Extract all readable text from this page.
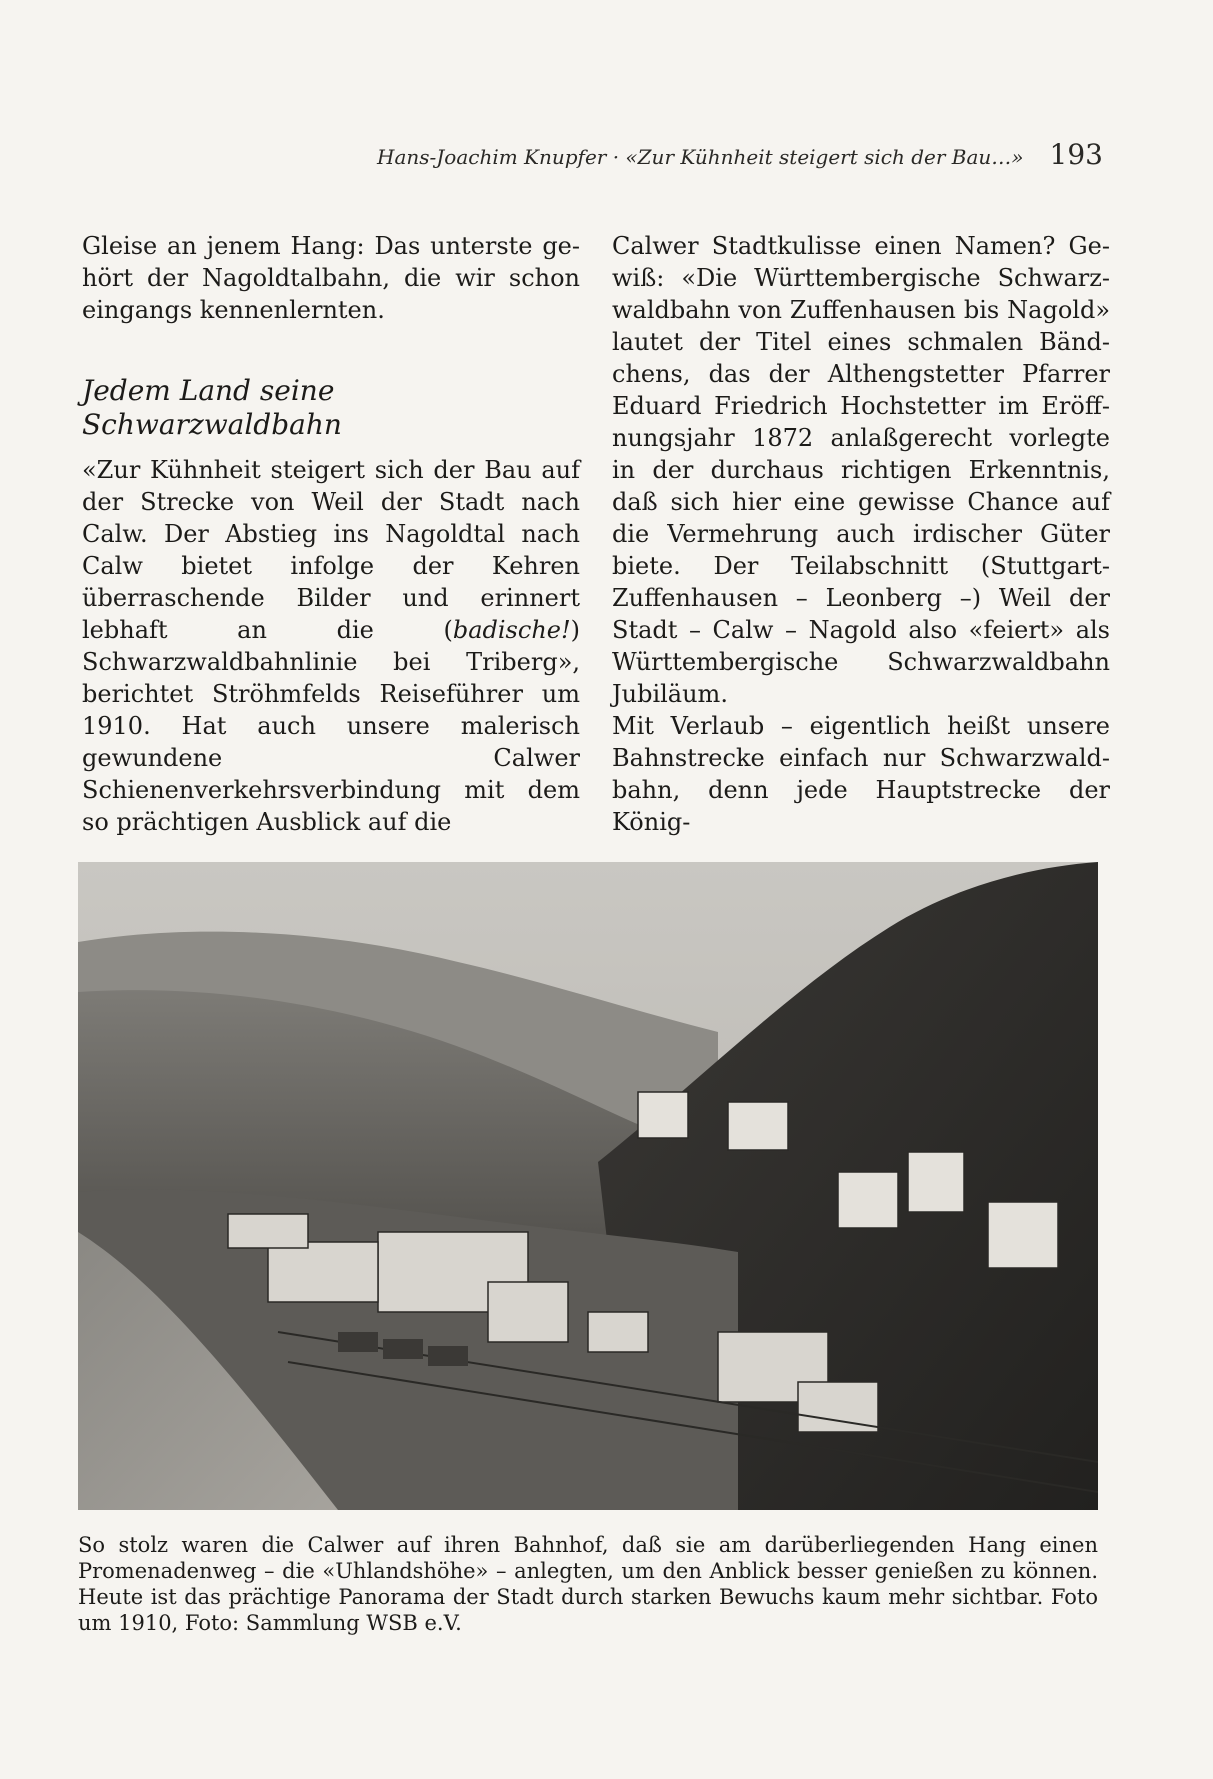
Hans-Joachim Knupfer · «Zur Kühnheit steigert sich der Bau…» 193

Gleise an jenem Hang: Das unterste gehört der Nagoldtalbahn, die wir schon eingangs kennenlernten.

Jedem Land seine Schwarzwaldbahn

«Zur Kühnheit steigert sich der Bau auf der Strecke von Weil der Stadt nach Calw. Der Abstieg ins Nagoldtal nach Calw bietet infolge der Kehren überraschende Bilder und erinnert lebhaft an die (badische!) Schwarzwaldbahnlinie bei Triberg», berichtet Ströhmfelds Reiseführer um 1910. Hat auch unsere malerisch gewundene Calwer Schienenverkehrsverbindung mit dem so prächtigen Ausblick auf die

Calwer Stadtkulisse einen Namen? Gewiß: «Die Württembergische Schwarzwaldbahn von Zuffenhausen bis Nagold» lautet der Titel eines schmalen Bändchens, das der Althengstetter Pfarrer Eduard Friedrich Hochstetter im Eröffnungsjahr 1872 anlaßgerecht vorlegte in der durchaus richtigen Erkenntnis, daß sich hier eine gewisse Chance auf die Vermehrung auch irdischer Güter biete. Der Teilabschnitt (Stuttgart-Zuffenhausen – Leonberg –) Weil der Stadt – Calw – Nagold also «feiert» als Württembergische Schwarzwaldbahn Jubiläum.

Mit Verlaub – eigentlich heißt unsere Bahnstrecke einfach nur Schwarzwaldbahn, denn jede Hauptstrecke der König-

So stolz waren die Calwer auf ihren Bahnhof, daß sie am darüberliegenden Hang einen Promenadenweg – die «Uhlandshöhe» – anlegten, um den Anblick besser genießen zu können. Heute ist das prächtige Panorama der Stadt durch starken Bewuchs kaum mehr sichtbar. Foto um 1910, Foto: Sammlung WSB e.V.
